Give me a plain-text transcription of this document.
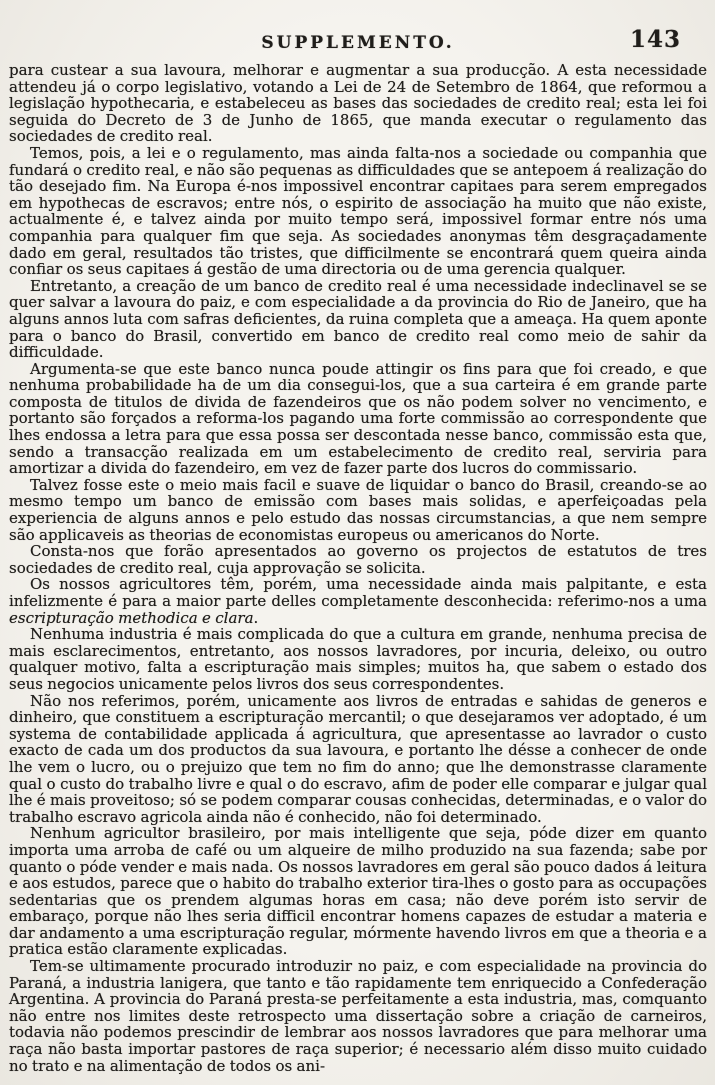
SUPPLEMENTO.	143

para custear a sua lavoura, melhorar e augmentar a sua producção. A esta necessidade attendeu já o corpo legislativo, votando a Lei de 24 de Setembro de 1864, que reformou a legislação hypothecaria, e estabeleceu as bases das sociedades de credito real; esta lei foi seguida do Decreto de 3 de Junho de 1865, que manda executar o regulamento das sociedades de credito real.

Temos, pois, a lei e o regulamento, mas ainda falta-nos a sociedade ou companhia que fundará o credito real, e não são pequenas as difficuldades que se antepoem á realização do tão desejado fim. Na Europa é-nos impossivel encontrar capitaes para serem empregados em hypothecas de escravos; entre nós, o espirito de associação ha muito que não existe, actualmente é, e talvez ainda por muito tempo será, impossivel formar entre nós uma companhia para qualquer fim que seja. As sociedades anonymas têm desgraçadamente dado em geral, resultados tão tristes, que difficilmente se encontrará quem queira ainda confiar os seus capitaes á gestão de uma directoria ou de uma gerencia qualquer.

Entretanto, a creação de um banco de credito real é uma necessidade indeclinavel se se quer salvar a lavoura do paiz, e com especialidade a da provincia do Rio de Janeiro, que ha alguns annos luta com safras deficientes, da ruina completa que a ameaça. Ha quem aponte para o banco do Brasil, convertido em banco de credito real como meio de sahir da difficuldade.

Argumenta-se que este banco nunca poude attingir os fins para que foi creado, e que nenhuma probabilidade ha de um dia consegui-los, que a sua carteira é em grande parte composta de titulos de divida de fazendeiros que os não podem solver no vencimento, e portanto são forçados a reforma-los pagando uma forte commissão ao correspondente que lhes endossa a letra para que essa possa ser descontada nesse banco, commissão esta que, sendo a transacção realizada em um estabelecimento de credito real, serviria para amortizar a divida do fazendeiro, em vez de fazer parte dos lucros do commissario.

Talvez fosse este o meio mais facil e suave de liquidar o banco do Brasil, creando-se ao mesmo tempo um banco de emissão com bases mais solidas, e aperfeiçoadas pela experiencia de alguns annos e pelo estudo das nossas circumstancias, a que nem sempre são applicaveis as theorias de economistas europeus ou americanos do Norte.

Consta-nos que forão apresentados ao governo os projectos de estatutos de tres sociedades de credito real, cuja approvação se solicita.

Os nossos agricultores têm, porém, uma necessidade ainda mais palpitante, e esta infelizmente é para a maior parte delles completamente desconhecida: referimo-nos a uma escripturação methodica e clara.

Nenhuma industria é mais complicada do que a cultura em grande, nenhuma precisa de mais esclarecimentos, entretanto, aos nossos lavradores, por incuria, deleixo, ou outro qualquer motivo, falta a escripturação mais simples; muitos ha, que sabem o estado dos seus negocios unicamente pelos livros dos seus correspondentes.

Não nos referimos, porém, unicamente aos livros de entradas e sahidas de generos e dinheiro, que constituem a escripturação mercantil; o que desejaramos ver adoptado, é um systema de contabilidade applicada á agricultura, que apresentasse ao lavrador o custo exacto de cada um dos productos da sua lavoura, e portanto lhe désse a conhecer de onde lhe vem o lucro, ou o prejuizo que tem no fim do anno; que lhe demonstrasse claramente qual o custo do trabalho livre e qual o do escravo, afim de poder elle comparar e julgar qual lhe é mais proveitoso; só se podem comparar cousas conhecidas, determinadas, e o valor do trabalho escravo agricola ainda não é conhecido, não foi determinado.

Nenhum agricultor brasileiro, por mais intelligente que seja, póde dizer em quanto importa uma arroba de café ou um alqueire de milho produzido na sua fazenda; sabe por quanto o póde vender e mais nada. Os nossos lavradores em geral são pouco dados á leitura e aos estudos, parece que o habito do trabalho exterior tira-lhes o gosto para as occupações sedentarias que os prendem algumas horas em casa; não deve porém isto servir de embaraço, porque não lhes seria difficil encontrar homens capazes de estudar a materia e dar andamento a uma escripturação regular, mórmente havendo livros em que a theoria e a pratica estão claramente explicadas.

Tem-se ultimamente procurado introduzir no paiz, e com especialidade na provincia do Paraná, a industria lanigera, que tanto e tão rapidamente tem enriquecido a Confederação Argentina. A provincia do Paraná presta-se perfeitamente a esta industria, mas, comquanto não entre nos limites deste retrospecto uma dissertação sobre a criação de carneiros, todavia não podemos prescindir de lembrar aos nossos lavradores que para melhorar uma raça não basta importar pastores de raça superior; é necessario além disso muito cuidado no trato e na alimentação de todos os ani-
